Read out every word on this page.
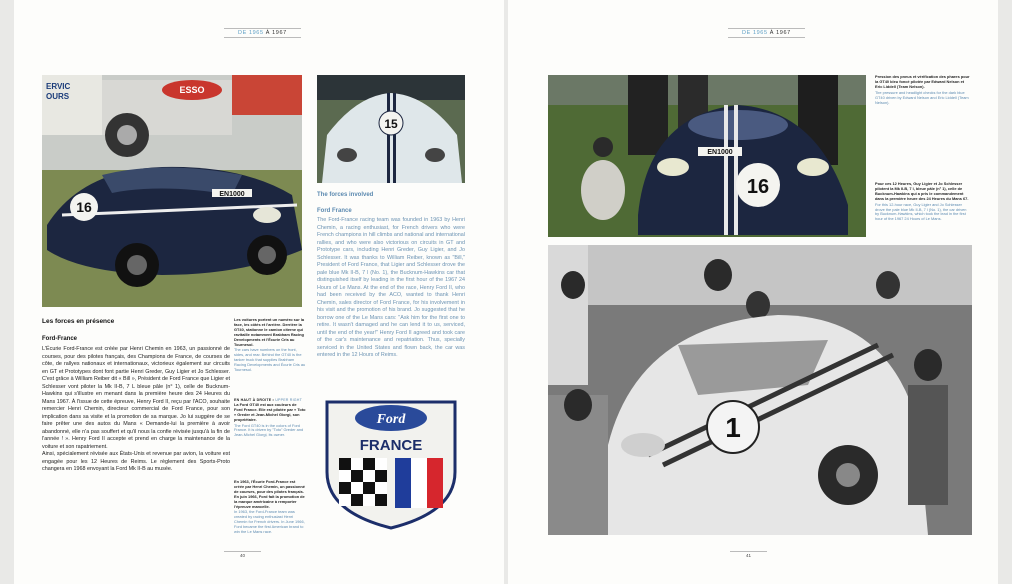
DE 1965 À 1967
ESSO
ERVIC
OURS
16
EN1000
15
Les forces en présence
Ford-France
L'Écurie Ford-France est créée par Henri Chemin en 1963, un passionné de courses, pour des pilotes français, des Champions de France, de courses de côte, de rallyes nationaux et internationaux, victorieux également sur circuits en GT et Prototypes dont font partie Henri Greder, Guy Ligier et Jo Schlesser. C'est grâce à William Reiber dit « Bill », Président de Ford France que Ligier et Schlesser vont piloter la Mk II-B, 7 L bleue pâle (n° 1), celle de Bucknum-Hawkins qui s'illustre en menant dans la première heure des 24 Heures du Mans 1967. À l'issue de cette épreuve, Henry Ford II, reçu par l'ACO, souhaite remercier Henri Chemin, directeur commercial de Ford France, pour son implication dans sa visite et la promotion de sa marque. Jo lui suggère de se faire prêter une des autos du Mans « Demande-lui la première à avoir abandonné, elle n'a pas souffert et qu'il nous la confie révisée jusqu'à la fin de l'année ! ». Henry Ford II accepte et prend en charge la maintenance de la voiture et son rapatriement.
Ainsi, spécialement révisée aux États-Unis et revenue par avion, la voiture est engagée pour les 12 Heures de Reims. Le règlement des Sports-Proto changera en 1968 envoyant la Ford Mk II-B au musée.
Les voitures portent un numéro sur la face, les côtés et l'arrière. Derrière la GT40, stationne le camion citerne qui ravitaille notamment Brabham Racing Developments et l'Écurie Cris au Tournesol.
The cars have numbers on the front, sides, and rear. Behind the GT40 is the tanker truck that supplies Brabham Racing Developments and Écurie Cris au Tournesol.
EN HAUT À DROITE • UPPER RIGHT
La Ford GT40 est aux couleurs de Ford France. Elle est pilotée par « Toto » Greder et Jean-Michel Giorgi, son propriétaire.
The Ford GT40 is in the colors of Ford France. It is driven by "Toto" Greder and Jean-Michel Giorgi, its owner.
En 1963, l'Écurie Ford-France est créée par Henri Chemin, un passionné de courses, pour des pilotes français. En juin 1966, Ford fait la promotion de la marque américaine à remporter l'épreuve mancelle.
In 1963, the Ford-France team was created by racing enthusiast Henri Chemin for French drivers. In June 1966, Ford became the first American brand to win the Le Mans race.
The forces involved
Ford France
The Ford-France racing team was founded in 1963 by Henri Chemin, a racing enthusiast, for French drivers who were French champions in hill climbs and national and international rallies, and who were also victorious on circuits in GT and Prototype cars, including Henri Greder, Guy Ligier, and Jo Schlesser. It was thanks to William Reiber, known as "Bill," President of Ford France, that Ligier and Schlesser drove the pale blue Mk II-B, 7 l (No. 1), the Bucknum-Hawkins car that distinguished itself by leading in the first hour of the 1967 24 Hours of Le Mans. At the end of the race, Henry Ford II, who had been received by the ACO, wanted to thank Henri Chemin, sales director of Ford France, for his involvement in his visit and the promotion of his brand. Jo suggested that he borrow one of the Le Mans cars: "Ask him for the first one to retire. It wasn't damaged and he can lend it to us, serviced, until the end of the year!" Henry Ford II agreed and took care of the car's maintenance and repatriation. Thus, specially serviced in the United States and flown back, the car was entered in the 12 Hours of Reims.
Ford
FRANCE
40
DE 1965 À 1967
EN1000
16
1
Pression des pneus et vérification des phares pour la GT40 bleu foncé pilotée par Edward Nelson et Eric Liddell (Team Nelson).
Tire pressure and headlight checks for the dark blue GT40 driven by Edward Nelson and Eric Liddell (Team Nelson).
Pour ces 12 Heures, Guy Ligier et Jo Schlesser pilotent la Mk II-B, 7 l, bleue pâle (n° 1), celle de Bucknum-Hawkins qui a pris le commandement dans la première heure des 24 Heures du Mans 67.
For this 12-hour race, Guy Ligier and Jo Schlesser drove the pale blue Mk II-B, 7 l (No. 1), the car driven by Bucknum-Hawkins, which took the lead in the first hour of the 1967 24 Hours of Le Mans.
41
